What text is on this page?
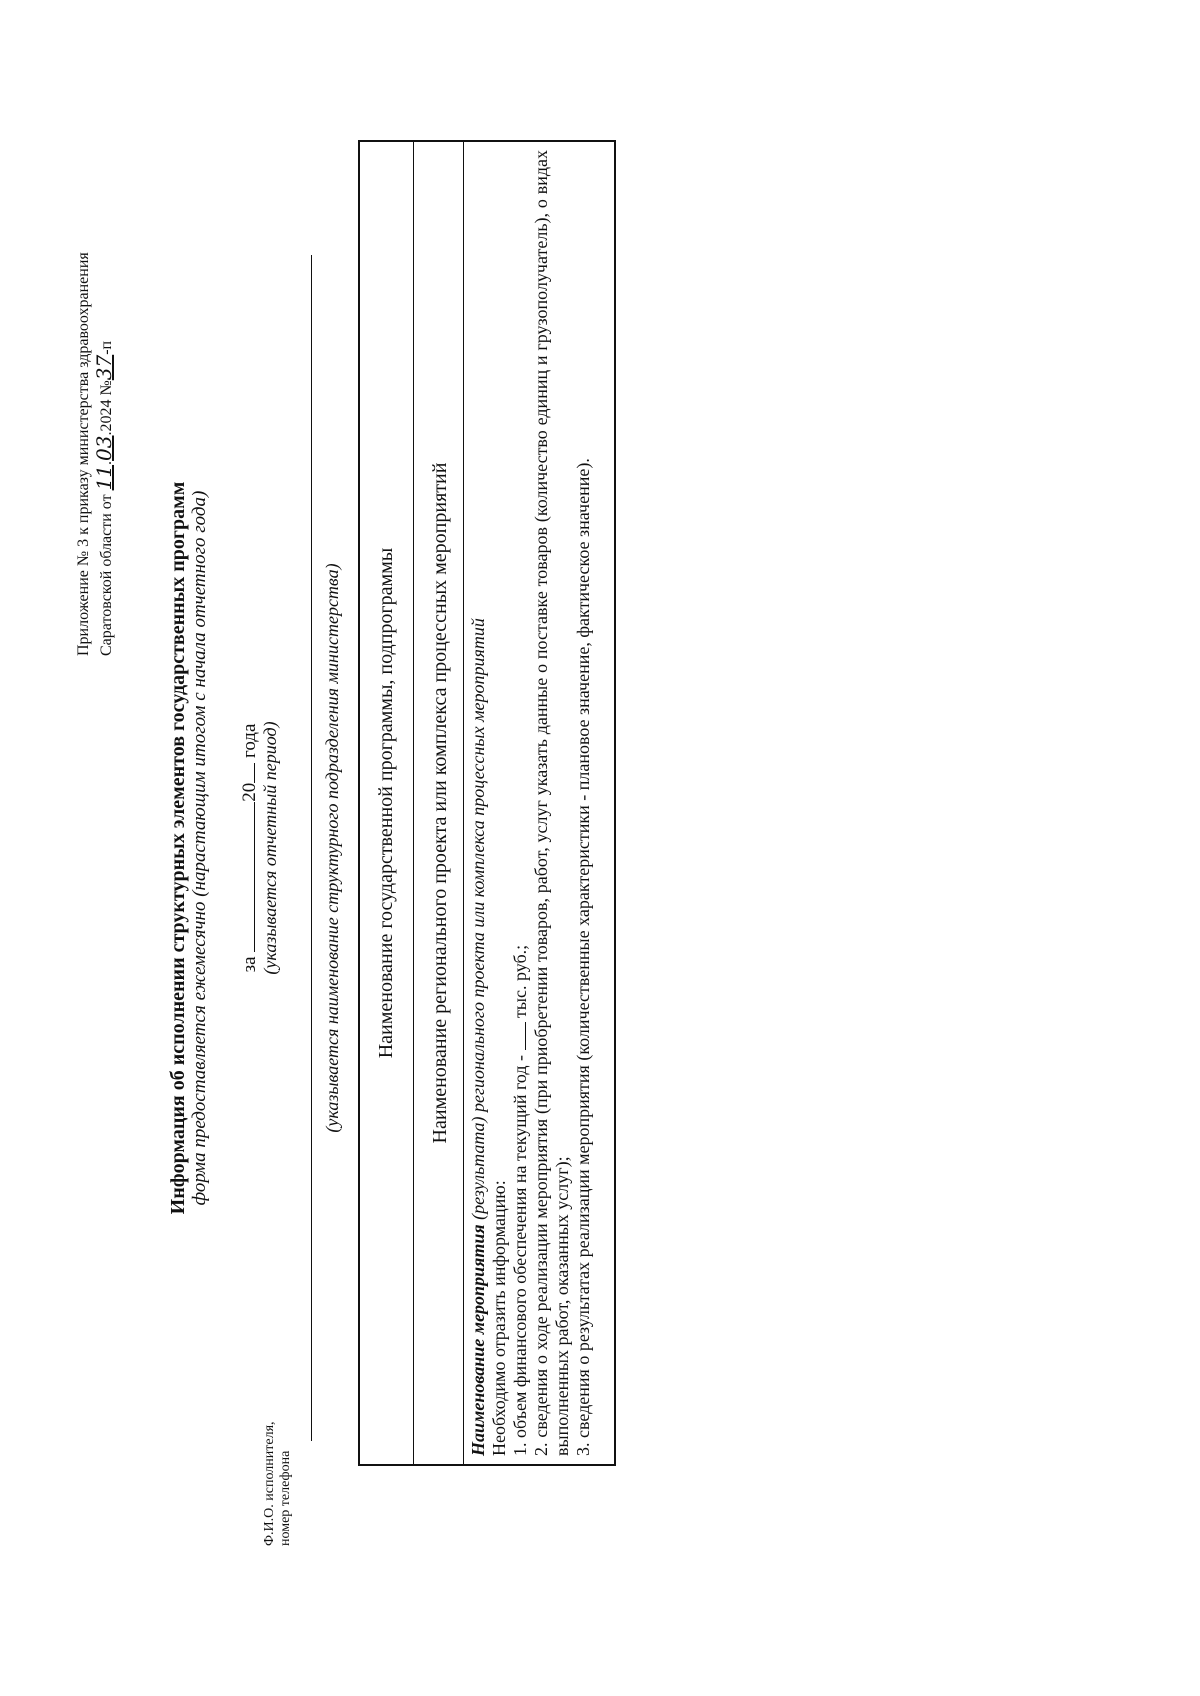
Приложение № 3 к приказу министерства здравоохранения Саратовской области от 11.03.2024 №37-п
Информация об исполнении структурных элементов государственных программ форма предоставляется ежемесячно (нарастающим итогом с начала отчетного года) за 20 года (указывается отчетный период) (указывается наименование структурного подразделения министерства) Наименование государственной программы, подпрограммы Наименование регионального проекта или комплекса процессных мероприятий

Наименование мероприятия (результата) регионального проекта или комплекса процессных мероприятий

Необходимо отразить информацию: 1. объем финансового обеспечения на текущий год -  тыс. руб.; 2. сведения о ходе реализации мероприятия (при приобретении товаров, работ, услуг указать данные о поставке товаров (количество единиц и грузополучатель), о видах выполненных работ, оказанных услуг); 3. сведения о результатах реализации мероприятия (количественные характеристики - плановое значение, фактическое значение).

Ф.И.О. исполнителя, номер телефона
